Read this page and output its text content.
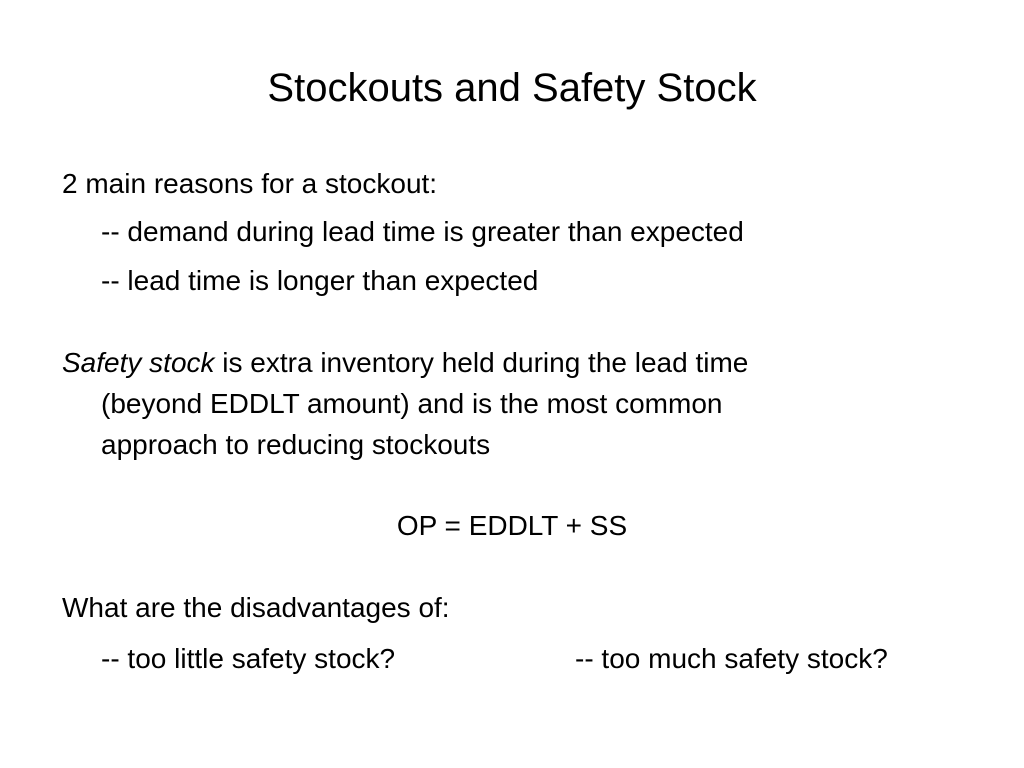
Stockouts and Safety Stock
2 main reasons for a stockout:
-- demand during lead time is greater than expected
-- lead time is longer than expected
Safety stock is extra inventory held during the lead time
(beyond EDDLT amount) and is the most common
approach to reducing stockouts
OP = EDDLT + SS
What are the disadvantages of:
-- too little safety stock?	-- too much safety stock?
